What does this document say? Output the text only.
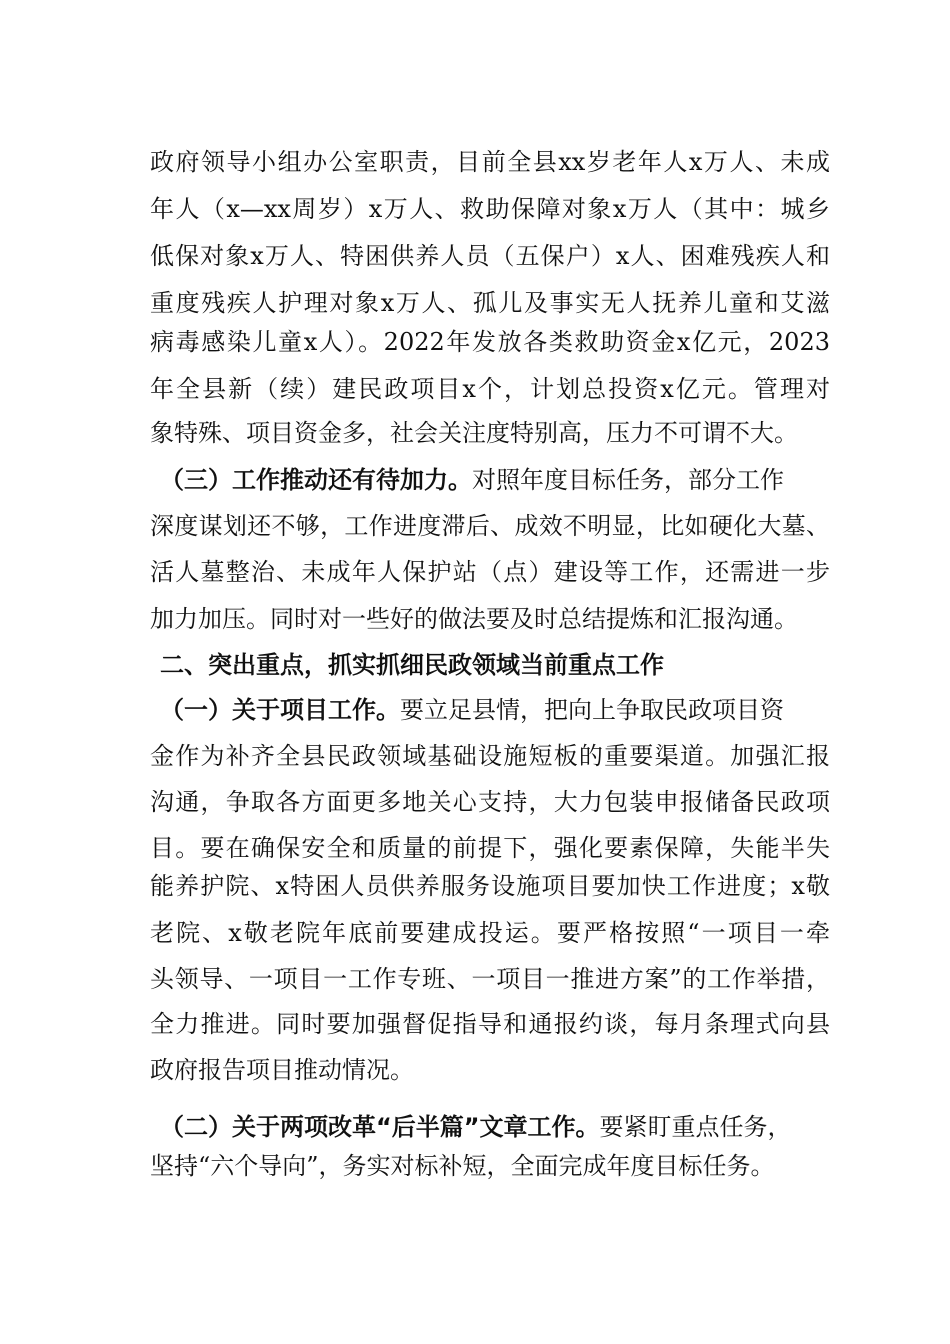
政府领导小组办公室职责，目前全县xx岁老年人x万人、未成
年人（x—xx周岁）x万人、救助保障对象x万人（其中：城乡
低保对象x万人、特困供养人员（五保户）x人、困难残疾人和
重度残疾人护理对象x万人、孤儿及事实无人抚养儿童和艾滋
病毒感染儿童x人）。2022年发放各类救助资金x亿元，2023
年全县新（续）建民政项目x个，计划总投资x亿元。管理对
象特殊、项目资金多，社会关注度特别高，压力不可谓不大。
（三）工作推动还有待加力。对照年度目标任务，部分工作
深度谋划还不够，工作进度滞后、成效不明显，比如硬化大墓、
活人墓整治、未成年人保护站（点）建设等工作，还需进一步
加力加压。同时对一些好的做法要及时总结提炼和汇报沟通。
二、突出重点，抓实抓细民政领域当前重点工作
（一）关于项目工作。要立足县情，把向上争取民政项目资
金作为补齐全县民政领域基础设施短板的重要渠道。加强汇报
沟通，争取各方面更多地关心支持，大力包装申报储备民政项
目。要在确保安全和质量的前提下，强化要素保障，失能半失
能养护院、x特困人员供养服务设施项目要加快工作进度；x敬
老院、x敬老院年底前要建成投运。要严格按照“一项目一牵
头领导、一项目一工作专班、一项目一推进方案”的工作举措，
全力推进。同时要加强督促指导和通报约谈，每月条理式向县
政府报告项目推动情况。
（二）关于两项改革“后半篇”文章工作。要紧盯重点任务，
坚持“六个导向”，务实对标补短，全面完成年度目标任务。
